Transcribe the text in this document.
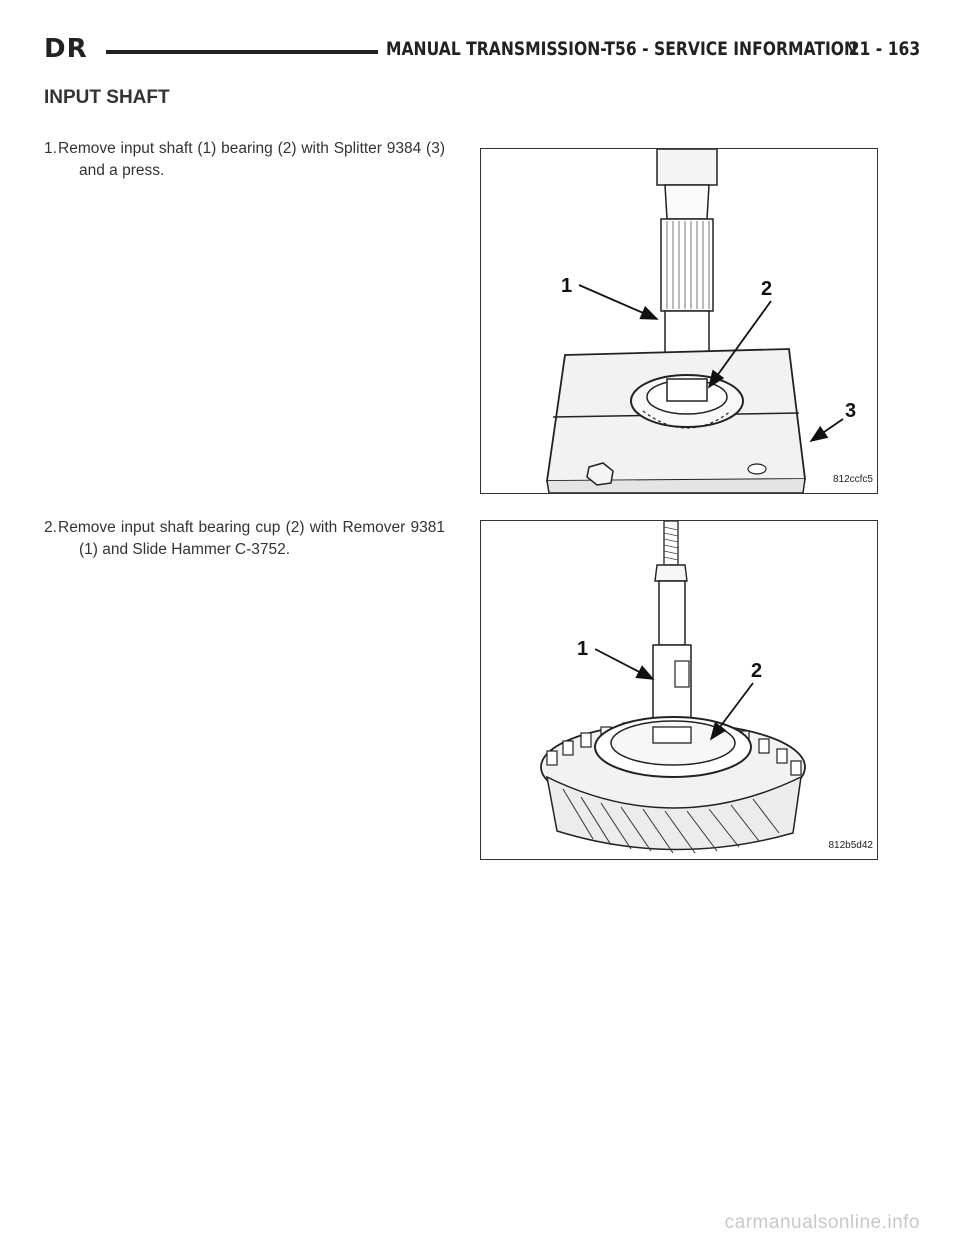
DR	MANUAL TRANSMISSION-T56 - SERVICE INFORMATION
21 - 163
INPUT SHAFT
1. Remove input shaft (1) bearing (2) with Splitter 9384 (3) and a press.
2. Remove input shaft bearing cup (2) with Remover 9381 (1) and Slide Hammer C-3752.
1	2
3
812ccfc5
1
2
812b5d42
carmanualsonline.info
